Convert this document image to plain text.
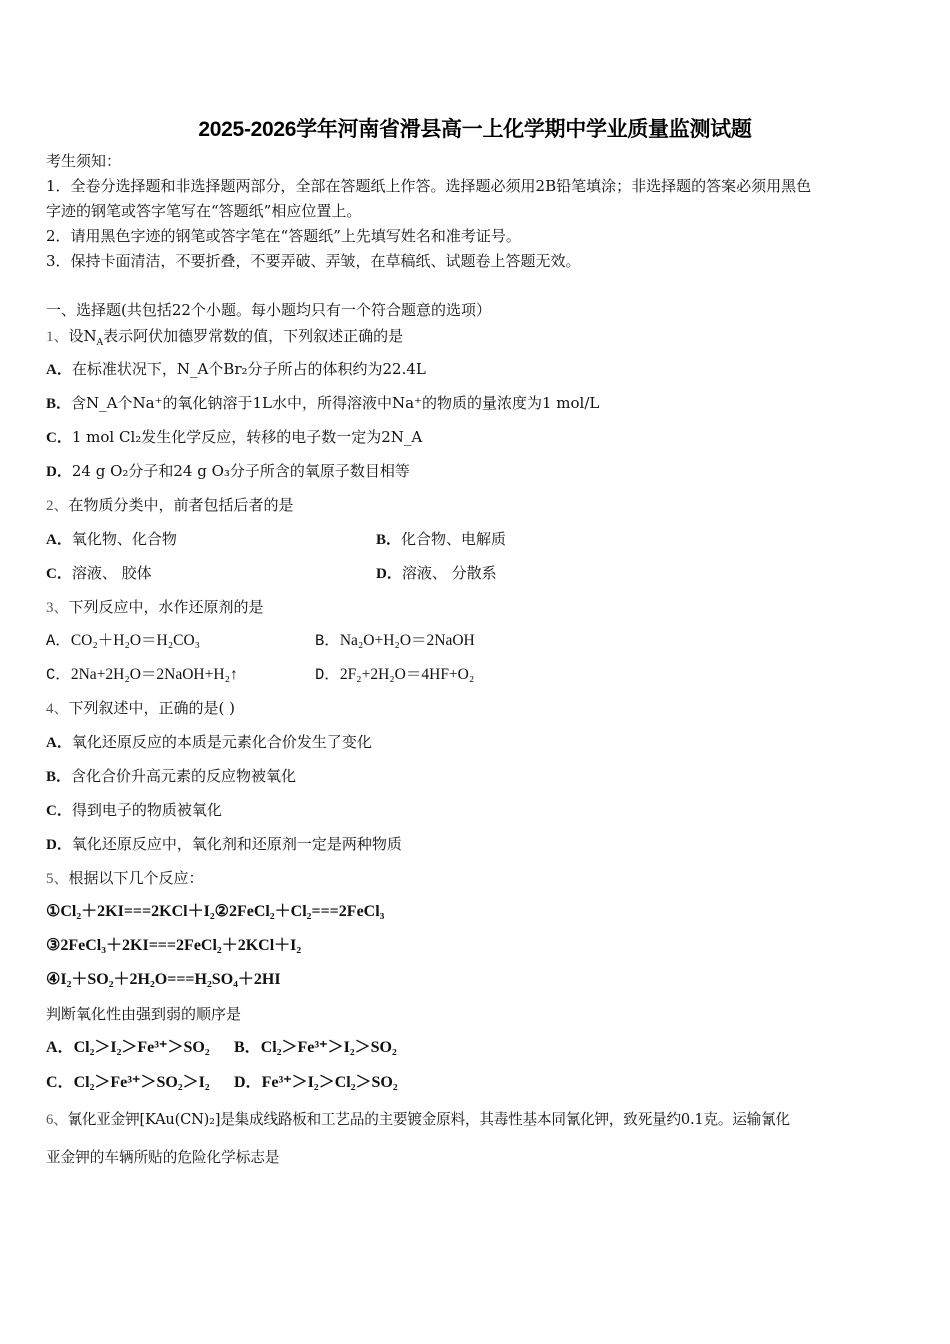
2025-2026学年河南省滑县高一上化学期中学业质量监测试题
考生须知：
1．全卷分选择题和非选择题两部分，全部在答题纸上作答。选择题必须用2B铅笔填涂；非选择题的答案必须用黑色
字迹的钢笔或答字笔写在“答题纸”相应位置上。
2．请用黑色字迹的钢笔或答字笔在“答题纸”上先填写姓名和准考证号。
3．保持卡面清洁，不要折叠，不要弄破、弄皱，在草稿纸、试题卷上答题无效。
一、选择题(共包括22个小题。每小题均只有一个符合题意的选项）
1、设$N_A$表示阿伏加德罗常数的值，下列叙述正确的是
A．在标准状况下，N_A个Br₂分子所占的体积约为22.4L
B．含N_A个Na⁺的氧化钠溶于1L水中，所得溶液中Na⁺的物质的量浓度为1 mol/L
C．1 mol Cl₂发生化学反应，转移的电子数一定为2N_A
D．24 g O₂分子和24 g O₃分子所含的氧原子数目相等
2、在物质分类中，前者包括后者的是
A．氧化物、化合物	B．化合物、电解质
C．溶液、 胶体	D．溶液、 分散系
3、下列反应中，水作还原剂的是
A．CO₂＋H₂O＝H₂CO₃	B．Na₂O+H₂O＝2NaOH
C．2Na+2H₂O＝2NaOH+H₂↑	D．2F₂+2H₂O＝4HF+O₂
4、下列叙述中，正确的是( )
A．氧化还原反应的本质是元素化合价发生了变化
B．含化合价升高元素的反应物被氧化
C．得到电子的物质被氧化
D．氧化还原反应中，氧化剂和还原剂一定是两种物质
5、根据以下几个反应：
①Cl₂＋2KI===2KCl＋I₂②2FeCl₂＋Cl₂===2FeCl₃
③2FeCl₃＋2KI===2FeCl₂＋2KCl＋I₂
④I₂＋SO₂＋2H₂O===H₂SO₄＋2HI
判断氧化性由强到弱的顺序是
A．Cl₂＞I₂＞Fe³⁺＞SO₂ B．Cl₂＞Fe³⁺＞I₂＞SO₂
C．Cl₂＞Fe³⁺＞SO₂＞I₂ D．Fe³⁺＞I₂＞Cl₂＞SO₂
6、氰化亚金钾[KAu(CN)₂]是集成线路板和工艺品的主要镀金原料，其毒性基本同氰化钾，致死量约0.1克。运输氰化
亚金钾的车辆所贴的危险化学标志是
